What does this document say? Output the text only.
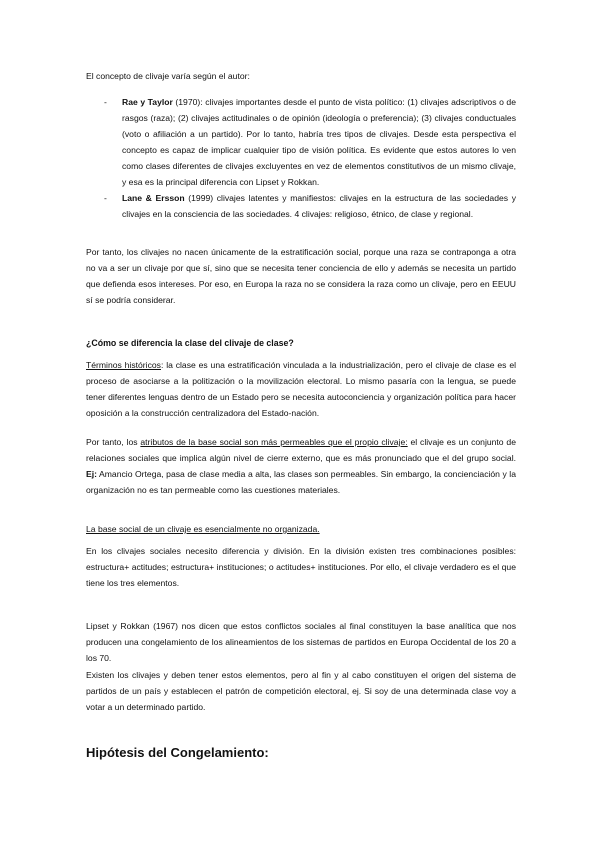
El concepto de clivaje varía según el autor:

-	Rae y Taylor (1970): clivajes importantes desde el punto de vista político: (1) clivajes adscriptivos o de rasgos (raza); (2) clivajes actitudinales o de opinión (ideología o preferencia); (3) clivajes conductuales (voto o afiliación a un partido). Por lo tanto, habría tres tipos de clivajes. Desde esta perspectiva el concepto es capaz de implicar cualquier tipo de visión política. Es evidente que estos autores lo ven como clases diferentes de clivajes excluyentes en vez de elementos constitutivos de un mismo clivaje, y esa es la principal diferencia con Lipset y Rokkan.
-	Lane & Ersson (1999) clivajes latentes y manifiestos: clivajes en la estructura de las sociedades y clivajes en la consciencia de las sociedades. 4 clivajes: religioso, étnico, de clase y regional.

Por tanto, los clivajes no nacen únicamente de la estratificación social, porque una raza se contraponga a otra no va a ser un clivaje por que sí, sino que se necesita tener conciencia de ello y además se necesita un partido que defienda esos intereses. Por eso, en Europa la raza no se considera la raza como un clivaje, pero en EEUU sí se podría considerar.

¿Cómo se diferencia la clase del clivaje de clase?

Términos históricos: la clase es una estratificación vinculada a la industrialización, pero el clivaje de clase es el proceso de asociarse a la politización o la movilización electoral. Lo mismo pasaría con la lengua, se puede tener diferentes lenguas dentro de un Estado pero se necesita autoconciencia y organización política para hacer oposición a la construcción centralizadora del Estado-nación.

Por tanto, los atributos de la base social son más permeables que el propio clivaje: el clivaje es un conjunto de relaciones sociales que implica algún nivel de cierre externo, que es más pronunciado que el del grupo social. Ej: Amancio Ortega, pasa de clase media a alta, las clases son permeables. Sin embargo, la concienciación y la organización no es tan permeable como las cuestiones materiales.

La base social de un clivaje es esencialmente no organizada.

En los clivajes sociales necesito diferencia y división. En la división existen tres combinaciones posibles: estructura+ actitudes; estructura+ instituciones; o actitudes+ instituciones. Por ello, el clivaje verdadero es el que tiene los tres elementos.

Lipset y Rokkan (1967) nos dicen que estos conflictos sociales al final constituyen la base analítica que nos producen una congelamiento de los alineamientos de los sistemas de partidos en Europa Occidental de los 20 a los 70.

Existen los clivajes y deben tener estos elementos, pero al fin y al cabo constituyen el origen del sistema de partidos de un país y establecen el patrón de competición electoral, ej. Si soy de una determinada clase voy a votar a un determinado partido.

Hipótesis del Congelamiento:
